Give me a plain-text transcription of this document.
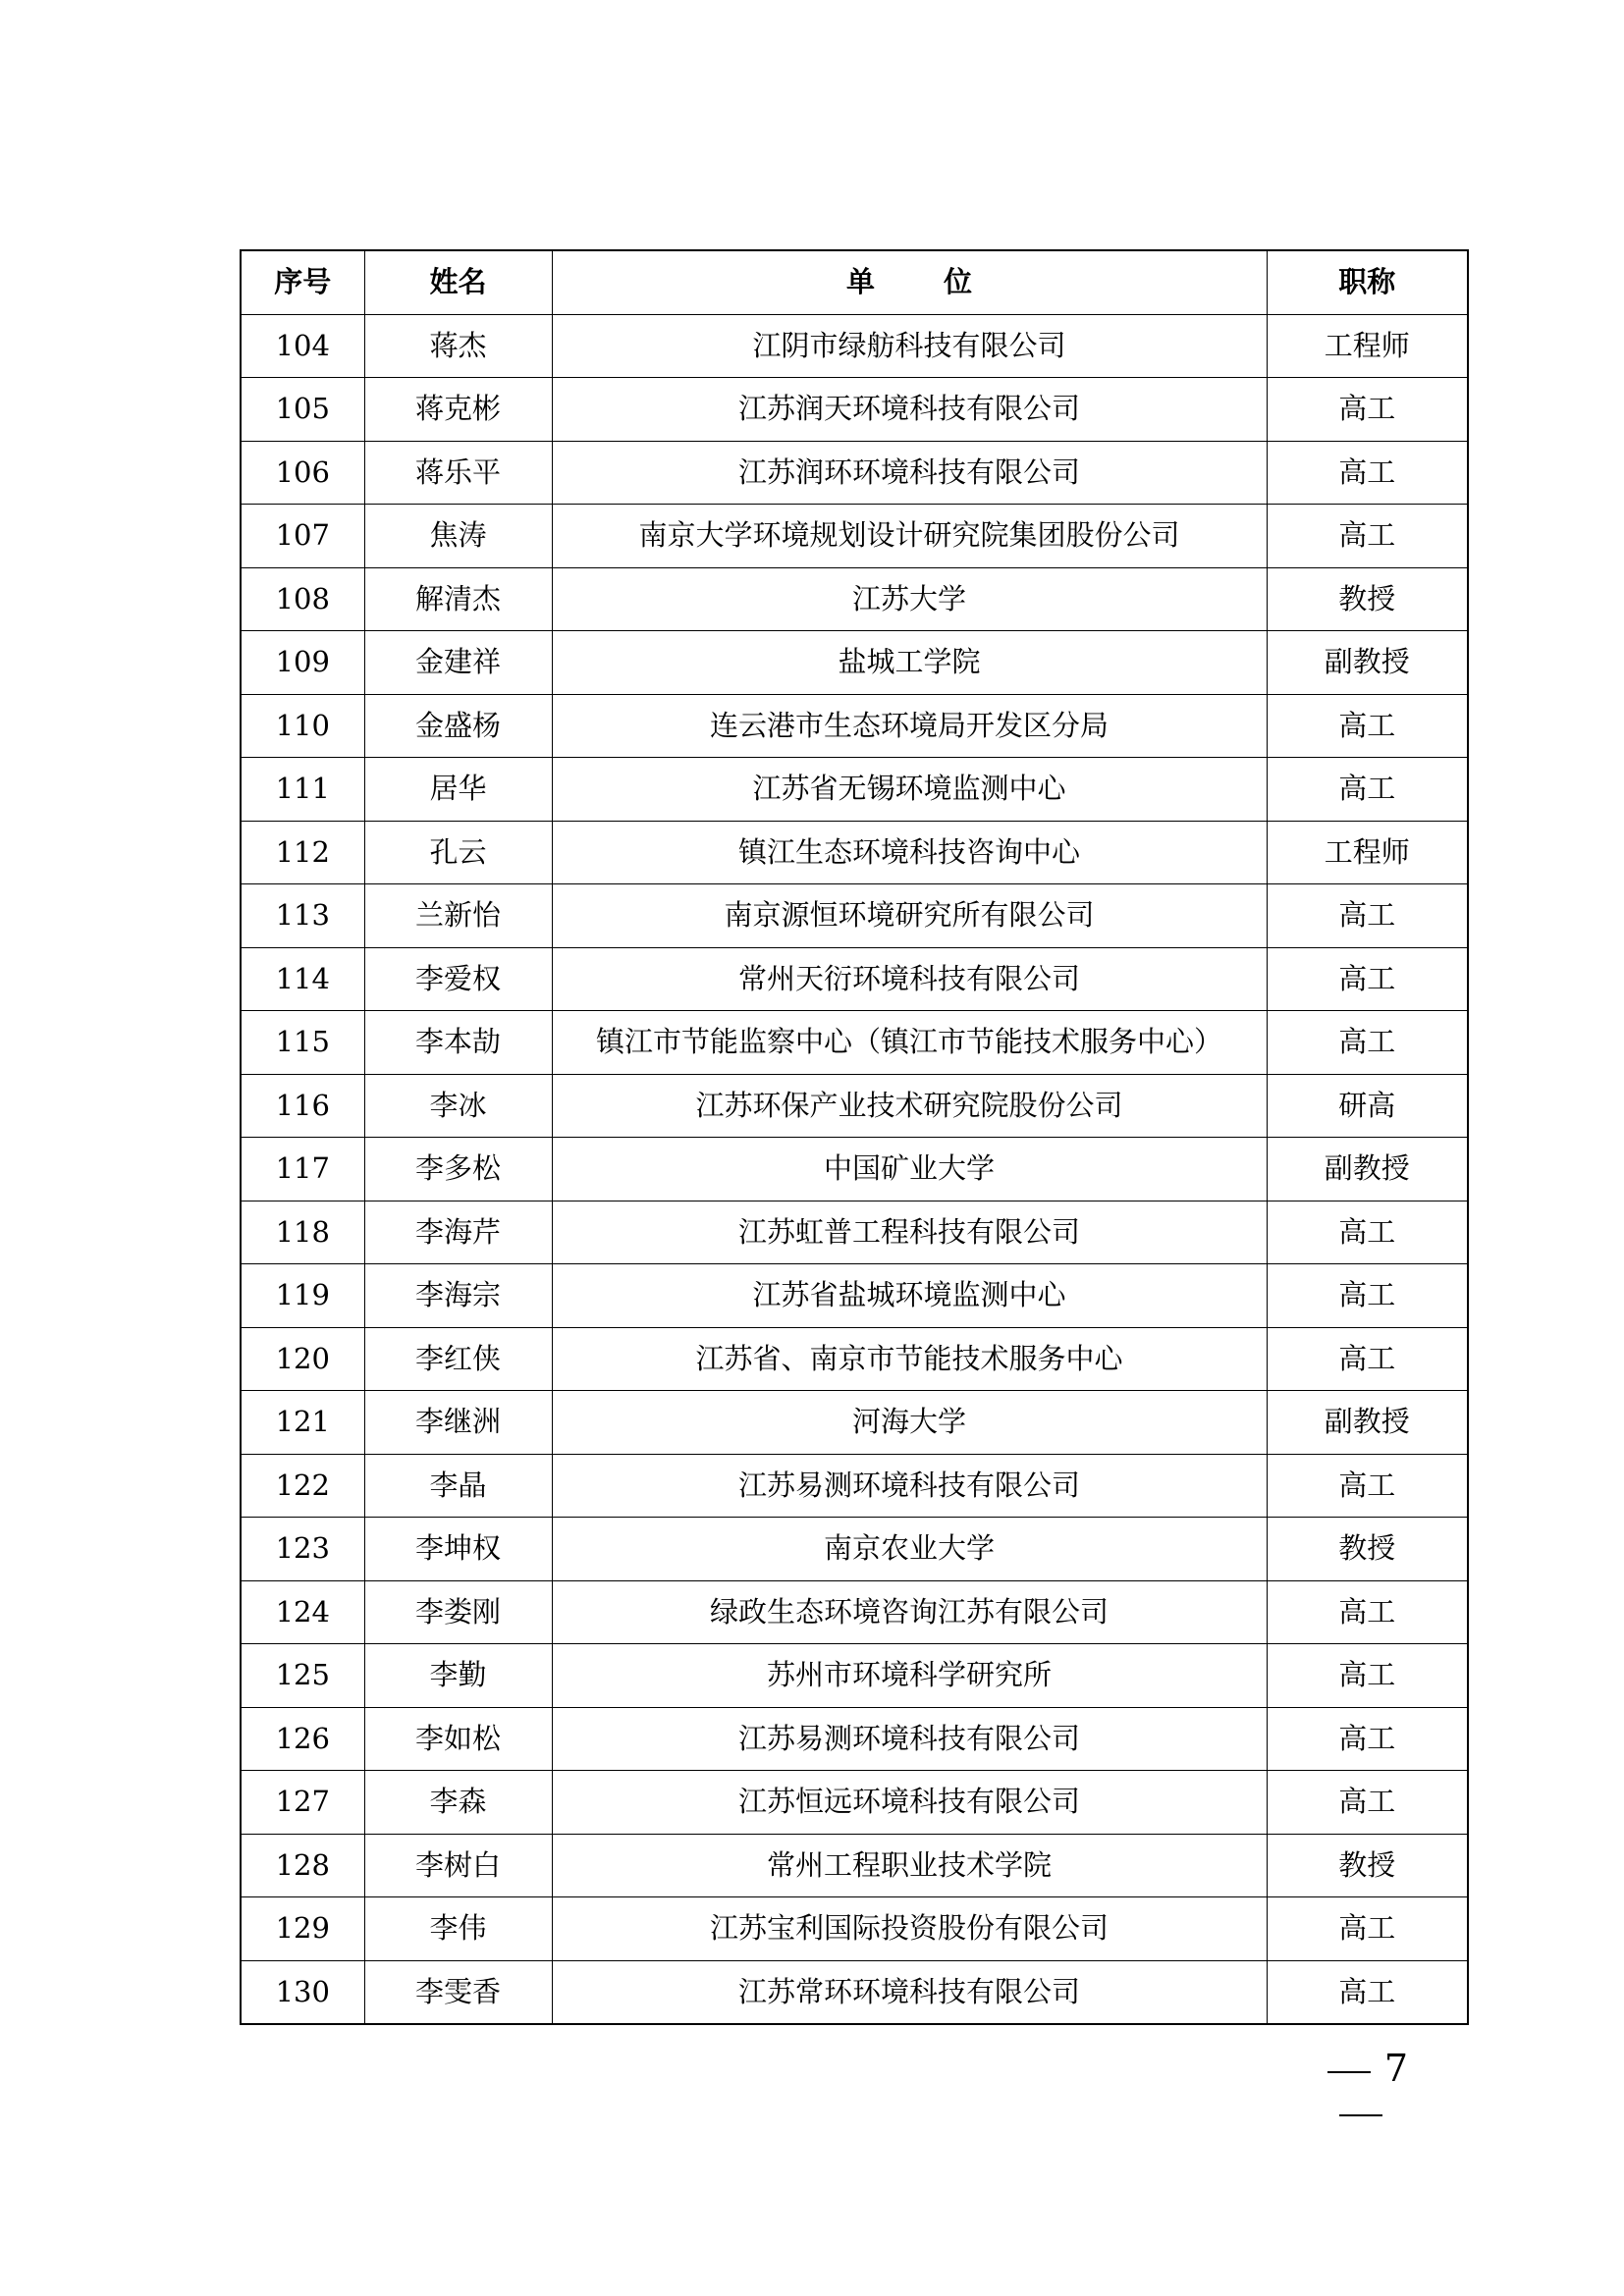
序号	姓名	单位	职称
104	蒋杰	江阴市绿舫科技有限公司	工程师
105	蒋克彬	江苏润天环境科技有限公司	高工
106	蒋乐平	江苏润环环境科技有限公司	高工
107	焦涛	南京大学环境规划设计研究院集团股份公司	高工
108	解清杰	江苏大学	教授
109	金建祥	盐城工学院	副教授
110	金盛杨	连云港市生态环境局开发区分局	高工
111	居华	江苏省无锡环境监测中心	高工
112	孔云	镇江生态环境科技咨询中心	工程师
113	兰新怡	南京源恒环境研究所有限公司	高工
114	李爱权	常州天衍环境科技有限公司	高工
115	李本劼	镇江市节能监察中心（镇江市节能技术服务中心）	高工
116	李冰	江苏环保产业技术研究院股份公司	研高
117	李多松	中国矿业大学	副教授
118	李海芹	江苏虹普工程科技有限公司	高工
119	李海宗	江苏省盐城环境监测中心	高工
120	李红侠	江苏省、南京市节能技术服务中心	高工
121	李继洲	河海大学	副教授
122	李晶	江苏易测环境科技有限公司	高工
123	李坤权	南京农业大学	教授
124	李娄刚	绿政生态环境咨询江苏有限公司	高工
125	李勤	苏州市环境科学研究所	高工
126	李如松	江苏易测环境科技有限公司	高工
127	李森	江苏恒远环境科技有限公司	高工
128	李树白	常州工程职业技术学院	教授
129	李伟	江苏宝利国际投资股份有限公司	高工
130	李雯香	江苏常环环境科技有限公司	高工
7
